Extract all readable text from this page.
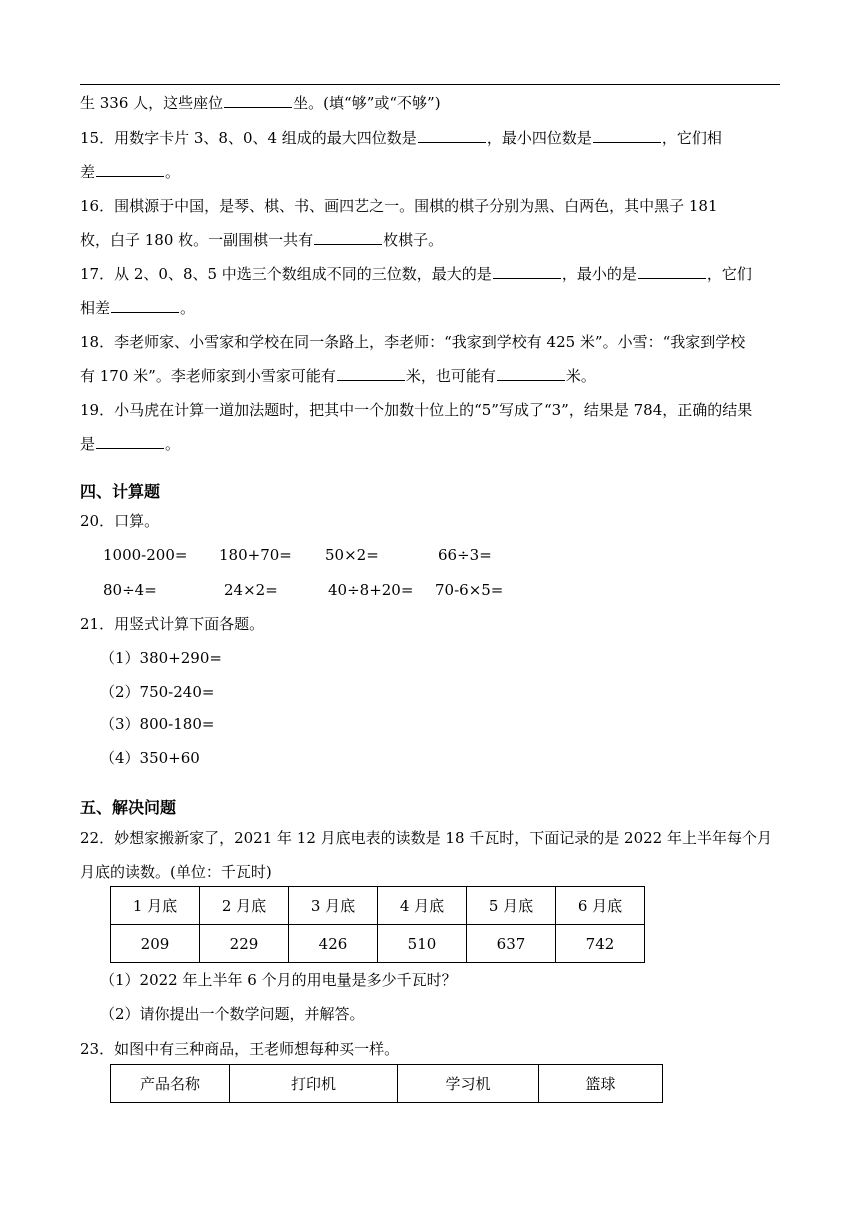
生 336 人，这些座位	坐。(填“够”或“不够”)
15．用数字卡片 3、8、0、4 组成的最大四位数是	，最小四位数是	，它们相
差	。
16．围棋源于中国，是琴、棋、书、画四艺之一。围棋的棋子分别为黑、白两色，其中黑子 181
枚，白子 180 枚。一副围棋一共有	枚棋子。
17．从 2、0、8、5 中选三个数组成不同的三位数，最大的是	，最小的是	，它们
相差	。
18．李老师家、小雪家和学校在同一条路上，李老师：“我家到学校有 425 米”。小雪：“我家到学校
有 170 米”。李老师家到小雪家可能有	米，也可能有	米。
19．小马虎在计算一道加法题时，把其中一个加数十位上的“5”写成了“3”，结果是 784，正确的结果
是	。
四、计算题
20．口算。
1000-200= 180+70= 50×2=	66÷3=
80÷4=	24×2=	40÷8+20= 70-6×5=
21．用竖式计算下面各题。
（1）380+290=
（2）750-240=
（3）800-180=
（4）350+60
五、解决问题
22．妙想家搬新家了，2021 年 12 月底电表的读数是 18 千瓦时，下面记录的是 2022 年上半年每个月
月底的读数。(单位：千瓦时)
1 月底	2 月底	3 月底	4 月底	5 月底	6 月底
209	229	426	510	637	742
（1）2022 年上半年 6 个月的用电量是多少千瓦时？
（2）请你提出一个数学问题，并解答。
23．如图中有三种商品，王老师想每种买一样。
产品名称	打印机	学习机	篮球
